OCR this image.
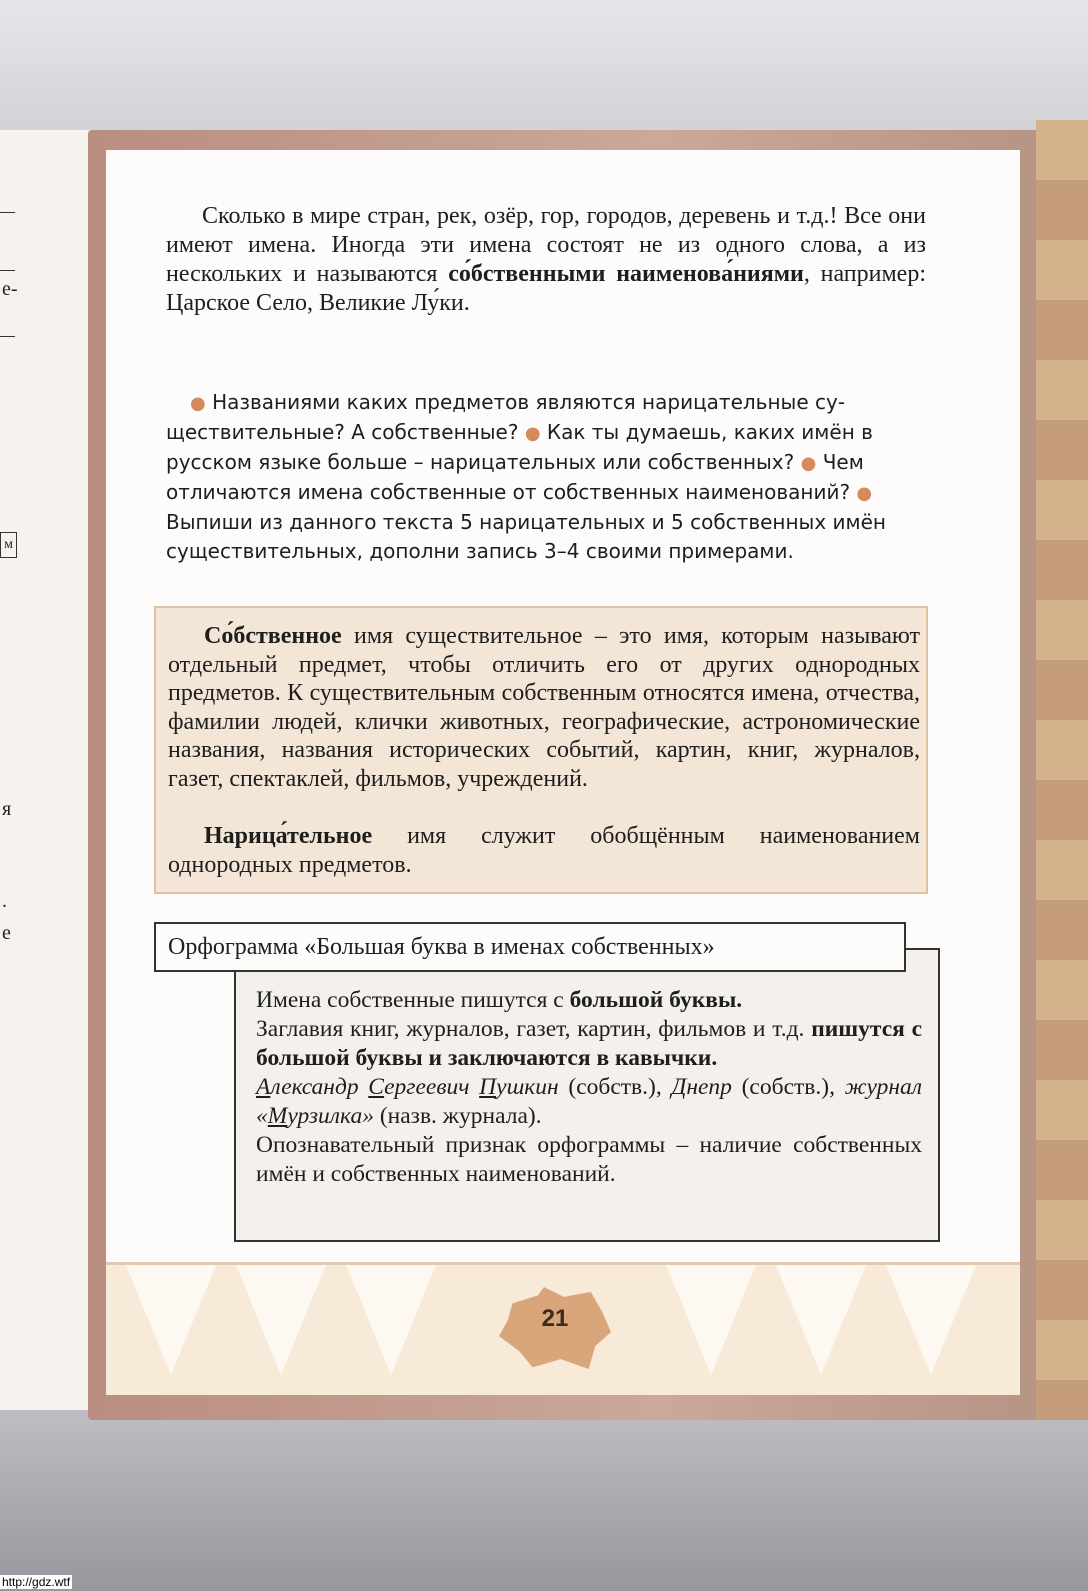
е-
м
я
.
е

Сколько в мире стран, рек, озёр, гор, городов, деревень и т.д.! Все они имеют имена. Иногда эти имена состоят не из одного слова, а из нескольких и называются со́бственными наименова́ниями, например: Царское Село, Великие Лу́ки.

● Названиями каких предметов являются нарицательные существительные? А собственные? ● Как ты думаешь, каких имён в русском языке больше – нарицательных или собственных? ● Чем отличаются имена собственные от собственных наименований? ● Выпиши из данного текста 5 нарицательных и 5 собственных имён существительных, дополни запись 3–4 своими примерами.

Со́бственное имя существительное – это имя, которым называют отдельный предмет, чтобы отличить его от других однородных предметов. К существительным собственным относятся имена, отчества, фамилии людей, клички животных, географические, астрономические названия, названия исторических событий, картин, книг, журналов, газет, спектаклей, фильмов, учреждений.

Нарица́тельное имя служит обобщённым наименованием однородных предметов.

Орфограмма «Большая буква в именах собственных»

Имена собственные пишутся с большой буквы.
Заглавия книг, журналов, газет, картин, фильмов и т.д. пишутся с большой буквы и заключаются в кавычки.
Александр Сергеевич Пушкин (собств.), Днепр (собств.), журнал «Мурзилка» (назв. журнала).
Опознавательный признак орфограммы – наличие собственных имён и собственных наименований.

21
http://gdz.wtf
